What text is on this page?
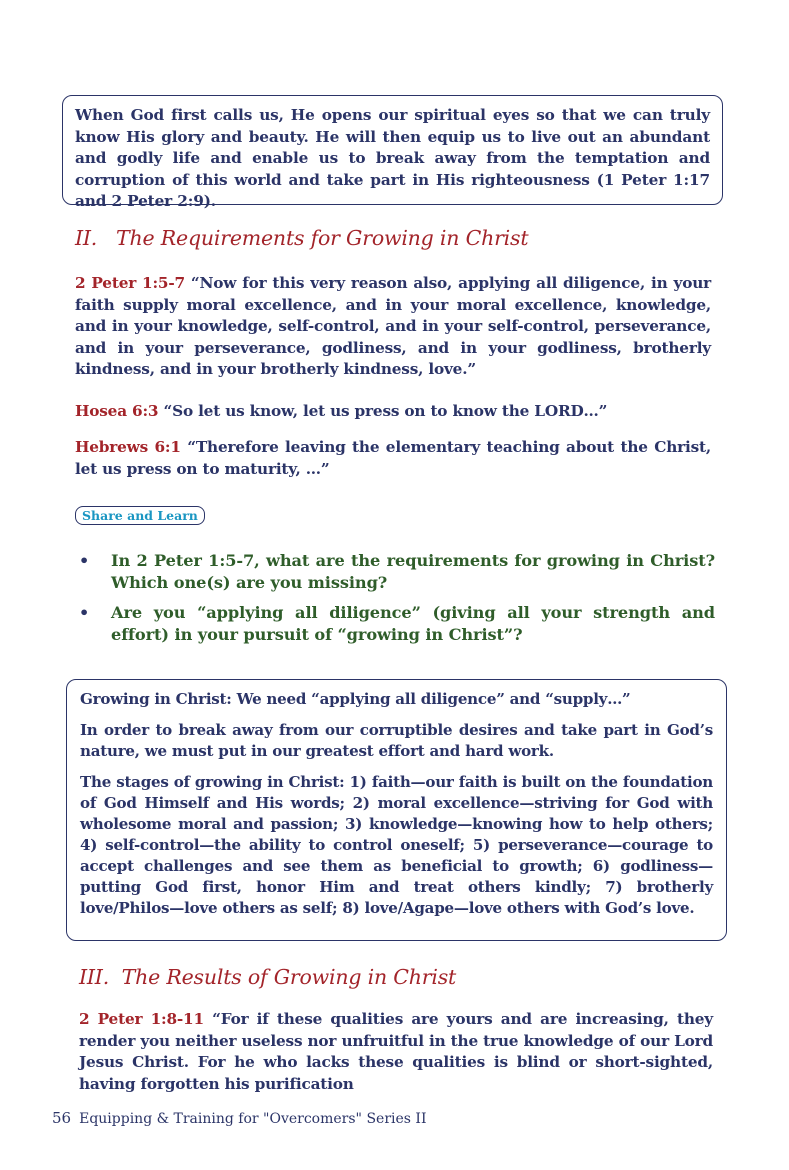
When God first calls us, He opens our spiritual eyes so that we can truly know His glory and beauty. He will then equip us to live out an abundant and godly life and enable us to break away from the temptation and corruption of this world and take part in His righteousness (1 Peter 1:17 and 2 Peter 2:9).

II.   The Requirements for Growing in Christ

2 Peter 1:5-7 “Now for this very reason also, applying all diligence, in your faith supply moral excellence, and in your moral excellence, knowledge, and in your knowledge, self-control, and in your self-control, perseverance, and in your perseverance, godliness, and in your godliness, brotherly kindness, and in your brotherly kindness, love.”

Hosea 6:3 “So let us know, let us press on to know the LORD…”

Hebrews 6:1 “Therefore leaving the elementary teaching about the Christ, let us press on to maturity, …”

Share and Learn
• In 2 Peter 1:5-7, what are the requirements for growing in Christ? Which one(s) are you missing?
• Are you “applying all diligence” (giving all your strength and effort) in your pursuit of “growing in Christ”?

Growing in Christ: We need “applying all diligence” and “supply…”

In order to break away from our corruptible desires and take part in God’s nature, we must put in our greatest effort and hard work.

The stages of growing in Christ: 1) faith—our faith is built on the foundation of God Himself and His words; 2) moral excellence—striving for God with wholesome moral and passion; 3) knowledge—knowing how to help others; 4) self-control—the ability to control oneself; 5) perseverance—courage to accept challenges and see them as beneficial to growth; 6) godliness—putting God first, honor Him and treat others kindly; 7) brotherly love/Philos—love others as self; 8) love/Agape—love others with God’s love.

III.  The Results of Growing in Christ

2 Peter 1:8-11 “For if these qualities are yours and are increasing, they render you neither useless nor unfruitful in the true knowledge of our Lord Jesus Christ. For he who lacks these qualities is blind or short-sighted, having forgotten his purification

56 Equipping & Training for "Overcomers" Series II
